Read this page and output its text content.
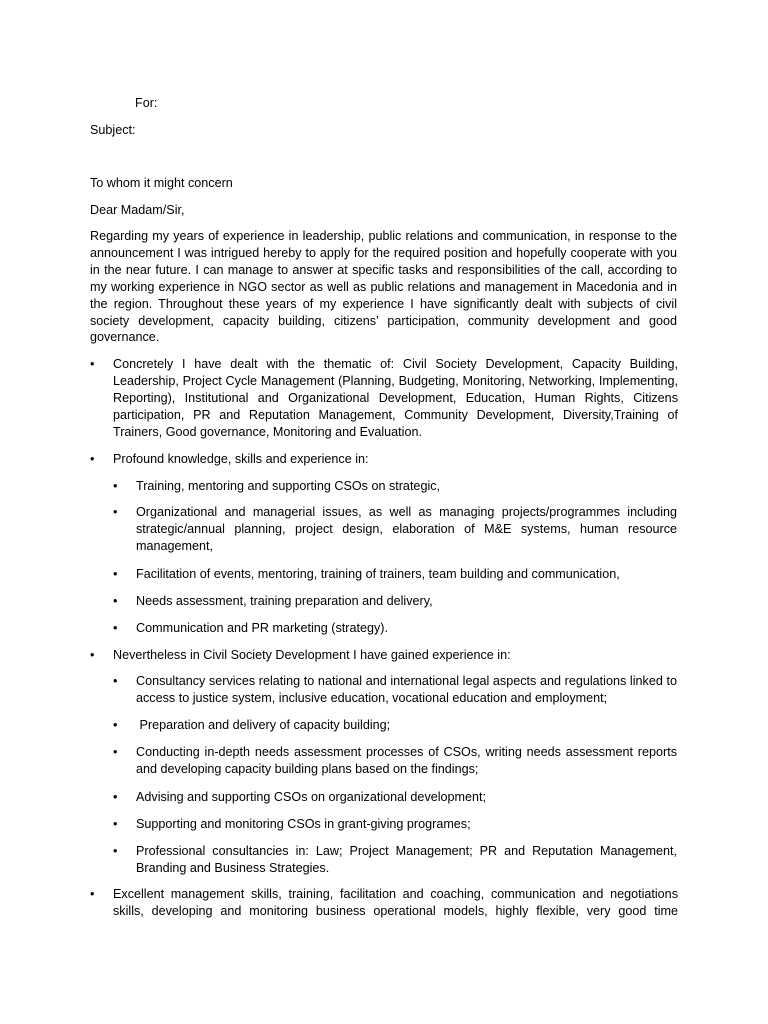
For:
Subject:
To whom it might concern
Dear Madam/Sir,

Regarding my years of experience in leadership, public relations and communication, in response to the announcement I was intrigued hereby to apply for the required position and hopefully cooperate with you in the near future. I can manage to answer at specific tasks and responsibilities of the call, according to my working experience in NGO sector as well as public relations and management in Macedonia and in the region. Throughout these years of my experience I have significantly dealt with subjects of civil society development, capacity building, citizens’ participation, community development and good governance.

• Concretely I have dealt with the thematic of: Civil Society Development, Capacity Building, Leadership, Project Cycle Management (Planning, Budgeting, Monitoring, Networking, Implementing, Reporting), Institutional and Organizational Development, Education, Human Rights, Citizens participation, PR and Reputation Management, Community Development, Diversity,Training of Trainers, Good governance, Monitoring and Evaluation.

• Profound knowledge, skills and experience in:

• Training, mentoring and supporting CSOs on strategic,

• Organizational and managerial issues, as well as managing projects/programmes including strategic/annual planning, project design, elaboration of M&E systems, human resource management,

• Facilitation of events, mentoring, training of trainers, team building and communication,

• Needs assessment, training preparation and delivery,

• Communication and PR marketing (strategy).

• Nevertheless in Civil Society Development I have gained experience in:

• Consultancy services relating to national and international legal aspects and regulations linked to access to justice system, inclusive education, vocational education and employment;

• Preparation and delivery of capacity building;

• Conducting in-depth needs assessment processes of CSOs, writing needs assessment reports and developing capacity building plans based on the findings;

• Advising and supporting CSOs on organizational development;

• Supporting and monitoring CSOs in grant-giving programes;

• Professional consultancies in: Law; Project Management; PR and Reputation Management, Branding and Business Strategies.

• Excellent management skills, training, facilitation and coaching, communication and negotiations skills, developing and monitoring business operational models, highly flexible, very good time
